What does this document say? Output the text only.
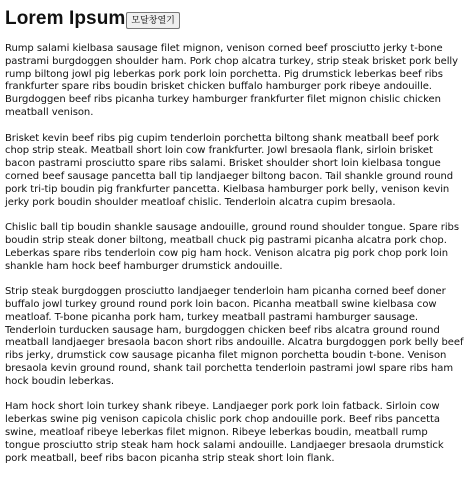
Lorem Ipsum 모달창열기

Rump salami kielbasa sausage filet mignon, venison corned beef prosciutto jerky t-bone pastrami burgdoggen shoulder ham. Pork chop alcatra turkey, strip steak brisket pork belly rump biltong jowl pig leberkas pork pork loin porchetta. Pig drumstick leberkas beef ribs frankfurter spare ribs boudin brisket chicken buffalo hamburger pork ribeye andouille. Burgdoggen beef ribs picanha turkey hamburger frankfurter filet mignon chislic chicken meatball venison.

Brisket kevin beef ribs pig cupim tenderloin porchetta biltong shank meatball beef pork chop strip steak. Meatball short loin cow frankfurter. Jowl bresaola flank, sirloin brisket bacon pastrami prosciutto spare ribs salami. Brisket shoulder short loin kielbasa tongue corned beef sausage pancetta ball tip landjaeger biltong bacon. Tail shankle ground round pork tri-tip boudin pig frankfurter pancetta. Kielbasa hamburger pork belly, venison kevin jerky pork boudin shoulder meatloaf chislic. Tenderloin alcatra cupim bresaola.

Chislic ball tip boudin shankle sausage andouille, ground round shoulder tongue. Spare ribs boudin strip steak doner biltong, meatball chuck pig pastrami picanha alcatra pork chop. Leberkas spare ribs tenderloin cow pig ham hock. Venison alcatra pig pork chop pork loin shankle ham hock beef hamburger drumstick andouille.

Strip steak burgdoggen prosciutto landjaeger tenderloin ham picanha corned beef doner buffalo jowl turkey ground round pork loin bacon. Picanha meatball swine kielbasa cow meatloaf. T-bone picanha pork ham, turkey meatball pastrami hamburger sausage. Tenderloin turducken sausage ham, burgdoggen chicken beef ribs alcatra ground round meatball landjaeger bresaola bacon short ribs andouille. Alcatra burgdoggen pork belly beef ribs jerky, drumstick cow sausage picanha filet mignon porchetta boudin t-bone. Venison bresaola kevin ground round, shank tail porchetta tenderloin pastrami jowl spare ribs ham hock boudin leberkas.

Ham hock short loin turkey shank ribeye. Landjaeger pork pork loin fatback. Sirloin cow leberkas swine pig venison capicola chislic pork chop andouille pork. Beef ribs pancetta swine, meatloaf ribeye leberkas filet mignon. Ribeye leberkas boudin, meatball rump tongue prosciutto strip steak ham hock salami andouille. Landjaeger bresaola drumstick pork meatball, beef ribs bacon picanha strip steak short loin flank.
